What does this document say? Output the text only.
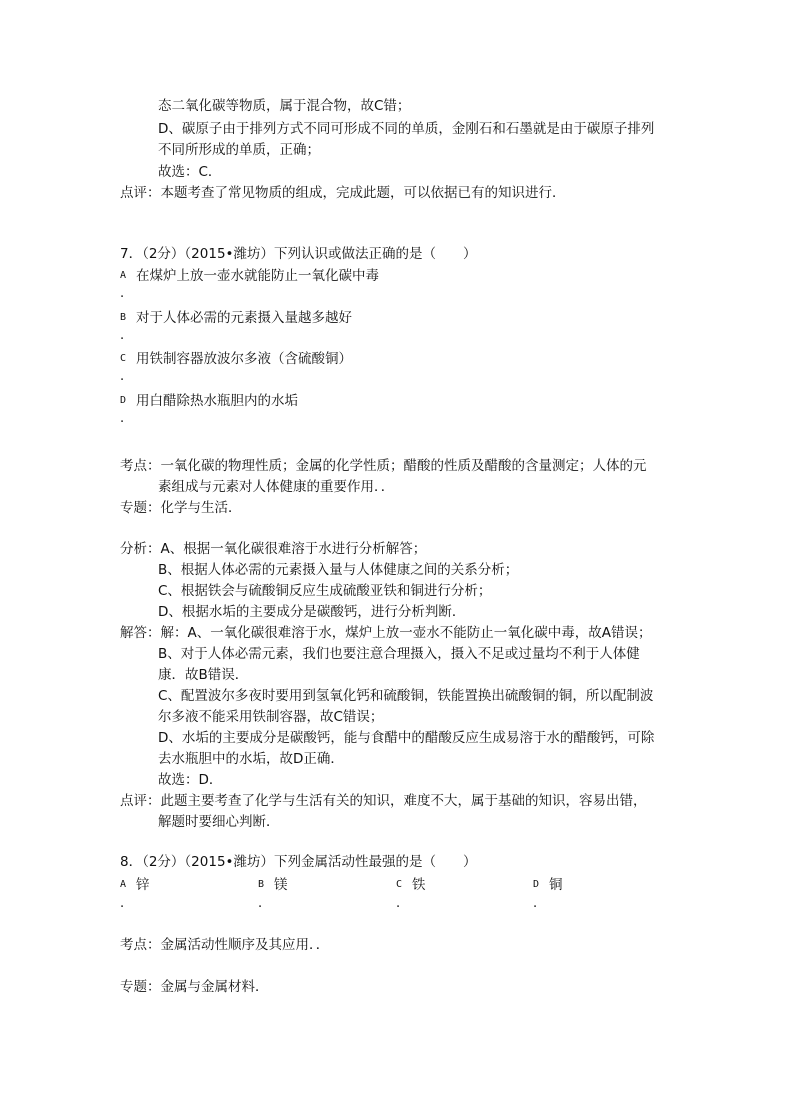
态二氧化碳等物质，属于混合物，故C错；
D、碳原子由于排列方式不同可形成不同的单质，金刚石和石墨就是由于碳原子排列
不同所形成的单质，正确；
故选：C．
点评：本题考查了常见物质的组成，完成此题，可以依据已有的知识进行．
7．（2分）（2015•潍坊）下列认识或做法正确的是（　　）
A 在煤炉上放一壶水就能防止一氧化碳中毒
.
B 对于人体必需的元素摄入量越多越好
.
C 用铁制容器放波尔多液（含硫酸铜）
.
D 用白醋除热水瓶胆内的水垢
.
考点：一氧化碳的物理性质；金属的化学性质；醋酸的性质及醋酸的含量测定；人体的元
素组成与元素对人体健康的重要作用．．
专题：化学与生活．
分析：A、根据一氧化碳很难溶于水进行分析解答；
B、根据人体必需的元素摄入量与人体健康之间的关系分析；
C、根据铁会与硫酸铜反应生成硫酸亚铁和铜进行分析；
D、根据水垢的主要成分是碳酸钙，进行分析判断．
解答：解：A、一氧化碳很难溶于水，煤炉上放一壶水不能防止一氧化碳中毒，故A错误；
B、对于人体必需元素，我们也要注意合理摄入，摄入不足或过量均不利于人体健
康．故B错误．
C、配置波尔多夜时要用到氢氧化钙和硫酸铜，铁能置换出硫酸铜的铜，所以配制波
尔多液不能采用铁制容器，故C错误；
D、水垢的主要成分是碳酸钙，能与食醋中的醋酸反应生成易溶于水的醋酸钙，可除
去水瓶胆中的水垢，故D正确．
故选：D．
点评：此题主要考查了化学与生活有关的知识，难度不大，属于基础的知识，容易出错，
解题时要细心判断．
8．（2分）（2015•潍坊）下列金属活动性最强的是（　　）
A 锌
.
B 镁
.
C 铁
.
D 铜
.
考点：金属活动性顺序及其应用．．
专题：金属与金属材料．
